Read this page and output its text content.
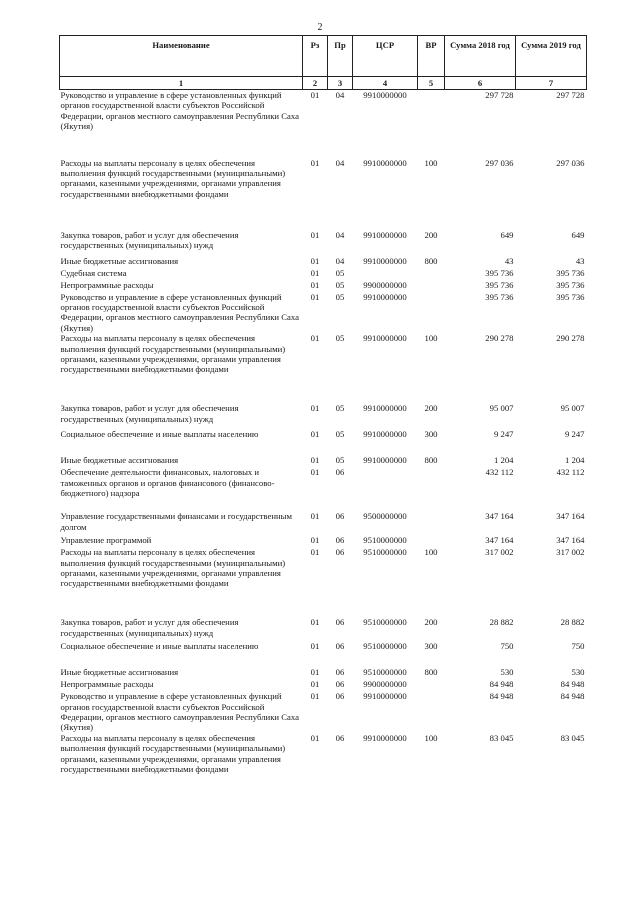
2
Наименование	Рз	Пр	ЦСР	ВР	Сумма 2018 год	Сумма 2019 год
1	2	3	4	5	6	7
Руководство и управление в сфере установленных функций органов государственной власти субъектов Российской Федерации, органов местного самоуправления Республики Саха (Якутия)	01	04	9910000000		297 728	297 728
Расходы на выплаты персоналу в целях обеспечения выполнения функций государственными (муниципальными) органами, казенными учреждениями, органами управления государственными внебюджетными фондами	01	04	9910000000	100	297 036	297 036
Закупка товаров, работ и услуг для обеспечения государственных (муниципальных) нужд	01	04	9910000000	200	649	649
Иные бюджетные ассигнования	01	04	9910000000	800	43	43
Судебная система	01	05			395 736	395 736
Непрограммные расходы	01	05	9900000000		395 736	395 736
Руководство и управление в сфере установленных функций органов государственной власти субъектов Российской Федерации, органов местного самоуправления Республики Саха (Якутия)	01	05	9910000000		395 736	395 736
Расходы на выплаты персоналу в целях обеспечения выполнения функций государственными (муниципальными) органами, казенными учреждениями, органами управления государственными внебюджетными фондами	01	05	9910000000	100	290 278	290 278
Закупка товаров, работ и услуг для обеспечения государственных (муниципальных) нужд	01	05	9910000000	200	95 007	95 007
Социальное обеспечение и иные выплаты населению	01	05	9910000000	300	9 247	9 247
Иные бюджетные ассигнования	01	05	9910000000	800	1 204	1 204
Обеспечение деятельности финансовых, налоговых и таможенных органов и органов финансового (финансово-бюджетного) надзора	01	06			432 112	432 112
Управление государственными финансами и государственным долгом	01	06	9500000000		347 164	347 164
Управление программой	01	06	9510000000		347 164	347 164
Расходы на выплаты персоналу в целях обеспечения выполнения функций государственными (муниципальными) органами, казенными учреждениями, органами управления государственными внебюджетными фондами	01	06	9510000000	100	317 002	317 002
Закупка товаров, работ и услуг для обеспечения государственных (муниципальных) нужд	01	06	9510000000	200	28 882	28 882
Социальное обеспечение и иные выплаты населению	01	06	9510000000	300	750	750
Иные бюджетные ассигнования	01	06	9510000000	800	530	530
Непрограммные расходы	01	06	9900000000		84 948	84 948
Руководство и управление в сфере установленных функций органов государственной власти субъектов Российской Федерации, органов местного самоуправления Республики Саха (Якутия)	01	06	9910000000		84 948	84 948
Расходы на выплаты персоналу в целях обеспечения выполнения функций государственными (муниципальными) органами, казенными учреждениями, органами управления государственными внебюджетными фондами	01	06	9910000000	100	83 045	83 045
